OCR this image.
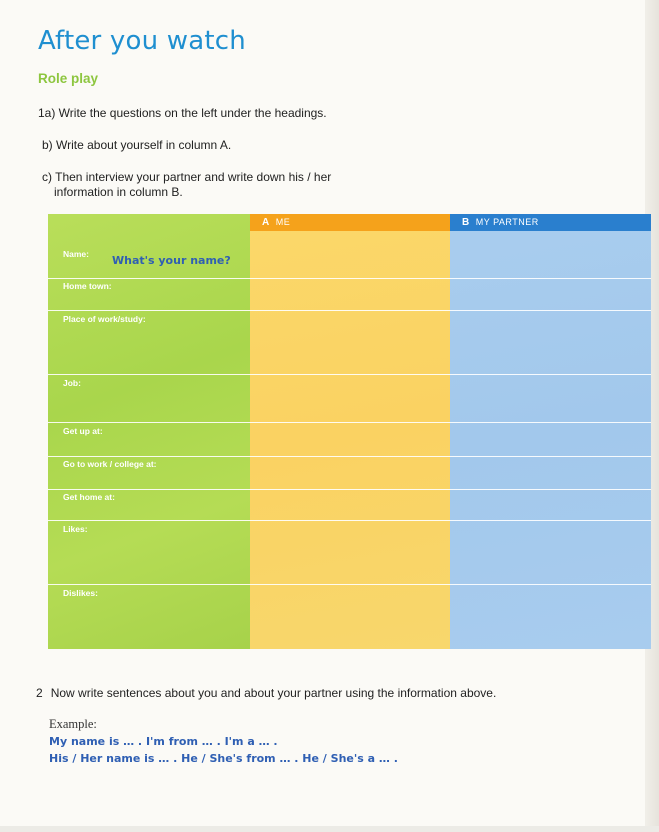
After you watch
Role play
1a) Write the questions on the left under the headings.
b) Write about yourself in column A.
c) Then interview your partner and write down his / her
information in column B.
A ME	B MY PARTNER
Name:
Home town:
Place of work/study:
Job:
Get up at:
Go to work / college at:
Get home at:
Likes:
Dislikes:
What's your name?
2 Now write sentences about you and about your partner using the information above.
Example:
My name is … . I'm from … . I'm a … .
His / Her name is … . He / She's from … . He / She's a … .
